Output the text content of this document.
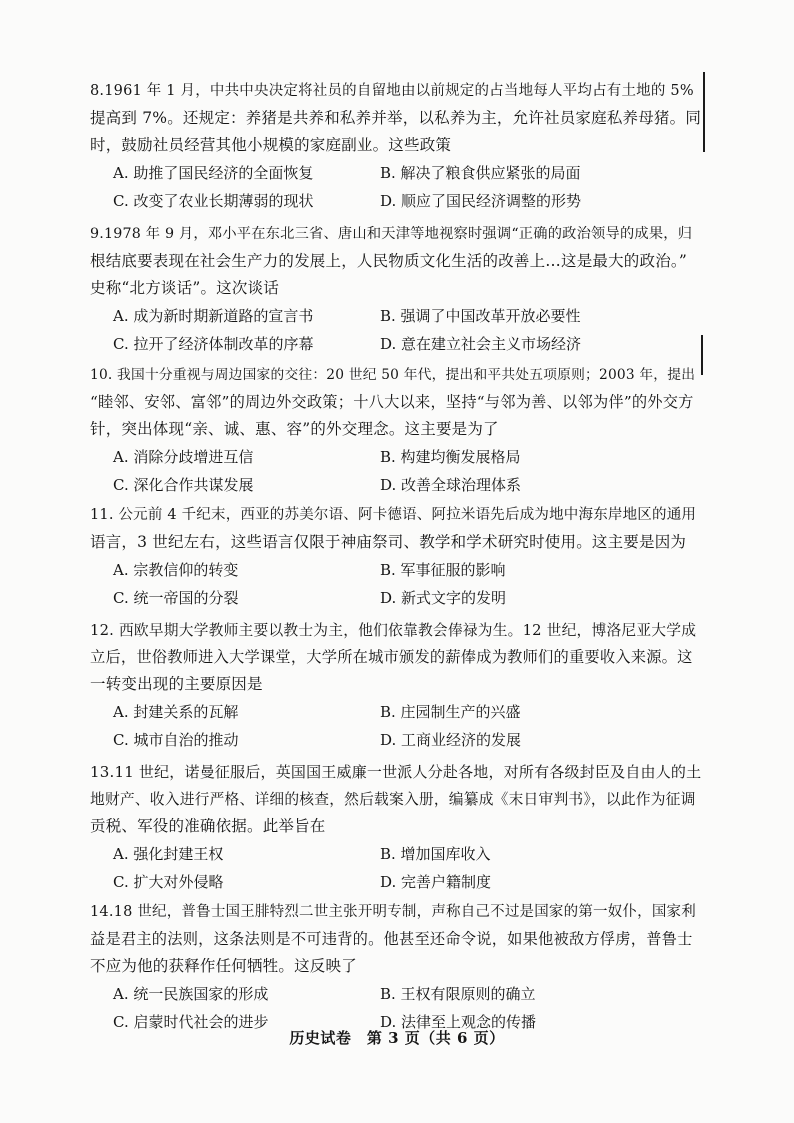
8.1961 年 1 月，中共中央决定将社员的自留地由以前规定的占当地每人平均占有土地的 5%
提高到 7%。还规定：养猪是共养和私养并举，以私养为主，允许社员家庭私养母猪。同
时，鼓励社员经营其他小规模的家庭副业。这些政策
A. 助推了国民经济的全面恢复	B. 解决了粮食供应紧张的局面
C. 改变了农业长期薄弱的现状	D. 顺应了国民经济调整的形势
9.1978 年 9 月，邓小平在东北三省、唐山和天津等地视察时强调“正确的政治领导的成果，归
根结底要表现在社会生产力的发展上，人民物质文化生活的改善上…这是最大的政治。”
史称“北方谈话”。这次谈话
A. 成为新时期新道路的宣言书	B. 强调了中国改革开放必要性
C. 拉开了经济体制改革的序幕	D. 意在建立社会主义市场经济
10. 我国十分重视与周边国家的交往：20 世纪 50 年代，提出和平共处五项原则；2003 年，提出
“睦邻、安邻、富邻”的周边外交政策；十八大以来，坚持“与邻为善、以邻为伴”的外交方
针，突出体现“亲、诚、惠、容”的外交理念。这主要是为了
A. 消除分歧增进互信	B. 构建均衡发展格局
C. 深化合作共谋发展	D. 改善全球治理体系
11. 公元前 4 千纪末，西亚的苏美尔语、阿卡德语、阿拉米语先后成为地中海东岸地区的通用
语言，3 世纪左右，这些语言仅限于神庙祭司、教学和学术研究时使用。这主要是因为
A. 宗教信仰的转变	B. 军事征服的影响
C. 统一帝国的分裂	D. 新式文字的发明
12. 西欧早期大学教师主要以教士为主，他们依靠教会俸禄为生。12 世纪，博洛尼亚大学成
立后，世俗教师进入大学课堂，大学所在城市颁发的薪俸成为教师们的重要收入来源。这
一转变出现的主要原因是
A. 封建关系的瓦解	B. 庄园制生产的兴盛
C. 城市自治的推动	D. 工商业经济的发展
13.11 世纪，诺曼征服后，英国国王威廉一世派人分赴各地，对所有各级封臣及自由人的土
地财产、收入进行严格、详细的核查，然后载案入册，编纂成《末日审判书》，以此作为征调
贡税、军役的准确依据。此举旨在
A. 强化封建王权	B. 增加国库收入
C. 扩大对外侵略	D. 完善户籍制度
14.18 世纪，普鲁士国王腓特烈二世主张开明专制，声称自己不过是国家的第一奴仆，国家利
益是君主的法则，这条法则是不可违背的。他甚至还命令说，如果他被敌方俘虏，普鲁士
不应为他的获释作任何牺牲。这反映了
A. 统一民族国家的形成	B. 王权有限原则的确立
C. 启蒙时代社会的进步	D. 法律至上观念的传播
历史试卷　第 3 页（共 6 页）
